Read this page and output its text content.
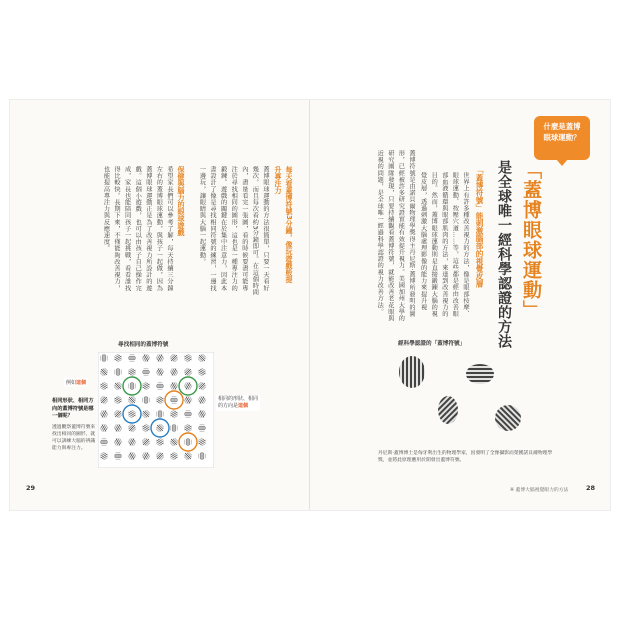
什麼是蓋博
眼球運動？
「蓋博眼球運動」
是全球唯一經科學認證的方法
「蓋博符號」能刺激腦部的視覺皮層
世界上有許多種改善視力的方法，像是眼部按摩、眼球運動、按壓穴道……等，這些都是經由改善眼部血液循環與眼部肌肉的方法，來達到改善視力的目的。然而，蓋博眼球運動則是直接鍛鍊大腦的視覺皮層，透過刺激大腦處理影像的能力來提升視
蓋博符號是由諾貝爾物理學獎得主丹尼斯·蓋博所發明的圖形，已經被許多研究證實能有效提升視力。美國加州大學的研究團隊發現，只要持續觀看蓋博符號，就能改善老花眼與近視的問題，是全球唯一經過科學認證的視力改善方法。
經科學認證的「蓋博符號」
丹尼斯·蓋博博士是匈牙利出生的物理學家，因發明了全像攝影而榮獲諾貝爾物理學獎，並將此原理應用於開發出蓋博符號。
※ 蓋博大腦視覺眼力的方法	28
每天看蓋博符號3分鐘，像玩遊戲般提升專注力
蓋博眼球運動的方法很簡單，只要一天看好幾次，而且每次看約3分鐘即可。在這個時間內，盡量看完一張圖，看的時候要盡可能專注於尋找相同的圖形，這也是一種專注力的鍛鍊。遊戲的關鍵在於集中注意力，因此本書設計了像是尋找相同符號的練習，一邊找一邊玩，讓眼睛與大腦一起運動。
保健與腦力的眼球遊戲
希望家長們可以參考了解，每天持續三分鐘左右的蓋博眼球運動，與孩子一起做，因為蓋博眼球運動正是為了改善視力所設計的遊戲。這個小遊戲，也可以由孩子自己操作完成，家長也能陪同孩子一起挑戰，看看誰找得比較快。長期下來，不僅能夠改善視力，也能提高專注力與反應速度。
尋找相同的蓋博符號
例如這個
相同的形狀、相同的方向是這個
相同形狀、相同方向的蓋博符號是哪一個呢？
透過觀察蓋博符號來找出相同的圖形，就可以訓練大腦的辨識能力與專注力。
29
